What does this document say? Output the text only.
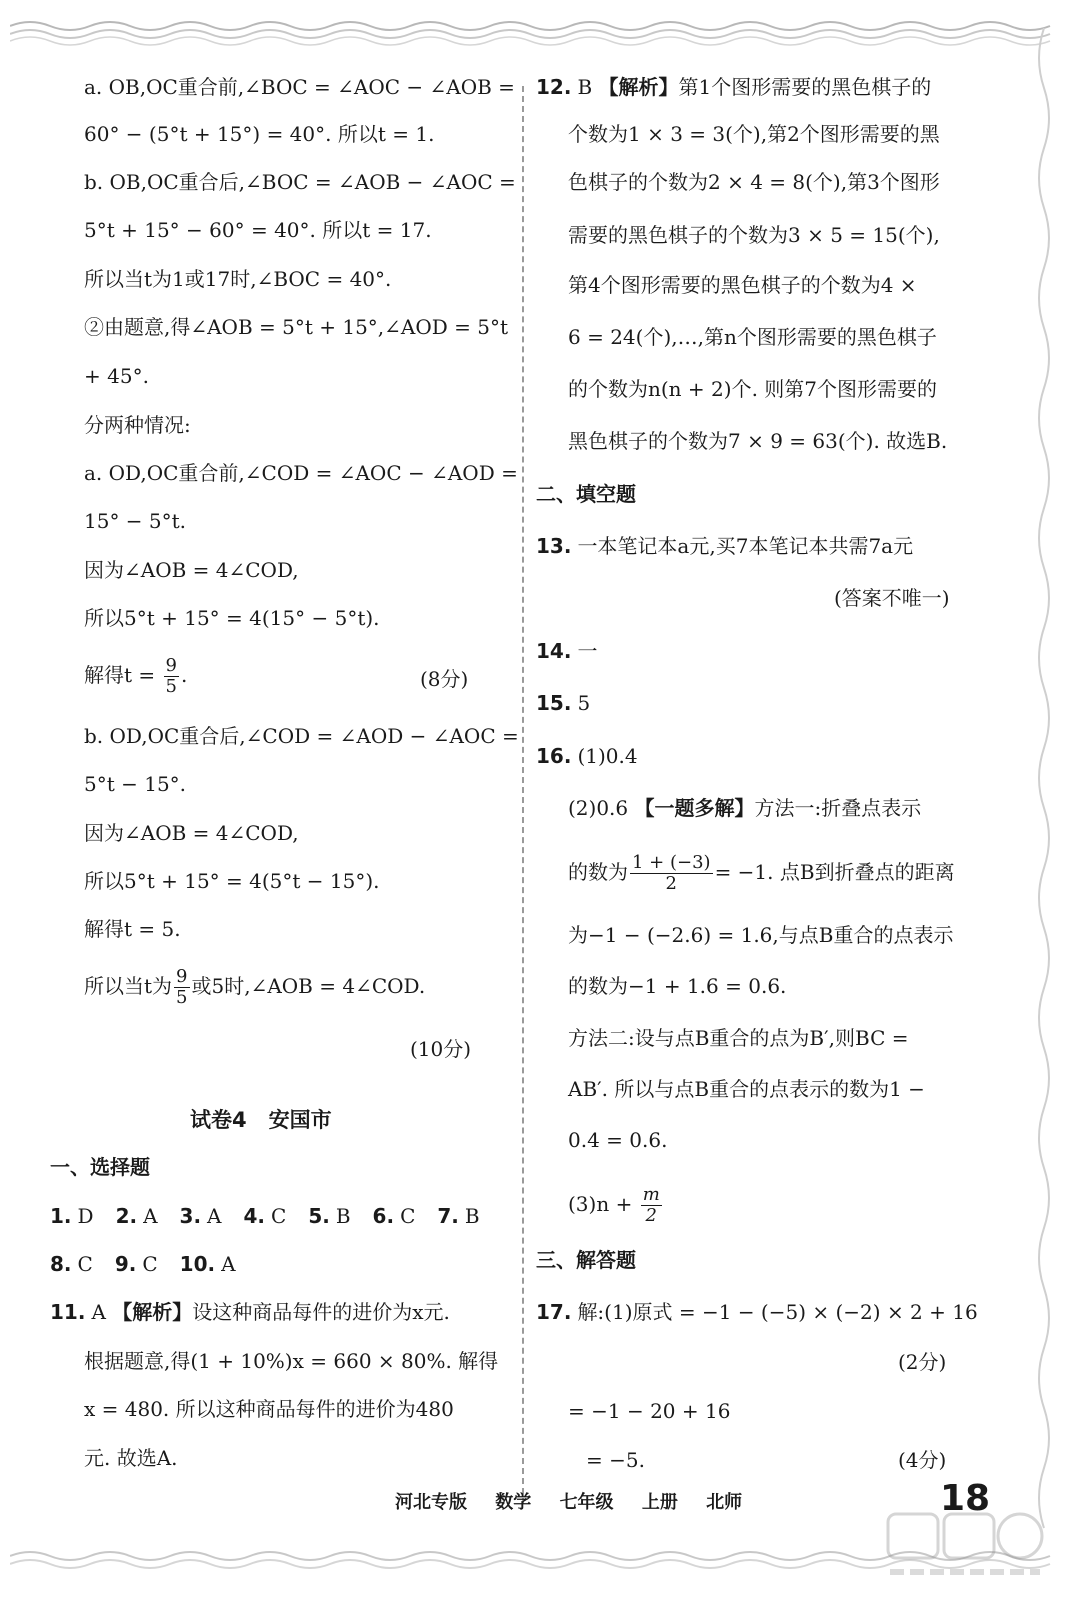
a. OB,OC重合前,∠BOC = ∠AOC − ∠AOB =
60° − (5°t + 15°) = 40°. 所以t = 1.
b. OB,OC重合后,∠BOC = ∠AOB − ∠AOC =
5°t + 15° − 60° = 40°. 所以t = 17.
所以当t为1或17时,∠BOC = 40°.
②由题意,得∠AOB = 5°t + 15°,∠AOD = 5°t
+ 45°.
分两种情况:
a. OD,OC重合前,∠COD = ∠AOC − ∠AOD =
15° − 5°t.
因为∠AOB = 4∠COD,
所以5°t + 15° = 4(15° − 5°t).
解得$t = \frac{9}{5}$ .	(8分)
b. OD,OC重合后,∠COD = ∠AOD − ∠AOC =
5°t − 15°.
因为∠AOB = 4∠COD,
所以5°t + 15° = 4(5°t − 15°).
解得t = 5.
所以当t为 $\frac{9}{5}$ 或5时,∠AOB = 4∠COD.
(10分)
试卷4 安国市
一、选择题
1. D 2. A 3. A 4. C 5. B 6. C 7. B
8. C 9. C 10. A
11. A 【解析】设这种商品每件的进价为x元.
根据题意,得(1 + 10%)x = 660 × 80%. 解得
x = 480. 所以这种商品每件的进价为480
元. 故选A.
12. B 【解析】第1个图形需要的黑色棋子的
个数为1 × 3 = 3(个),第2个图形需要的黑
色棋子的个数为2 × 4 = 8(个),第3个图形
需要的黑色棋子的个数为3 × 5 = 15(个),
第4个图形需要的黑色棋子的个数为4 ×
6 = 24(个),…,第n个图形需要的黑色棋子
的个数为n(n + 2)个. 则第7个图形需要的
黑色棋子的个数为7 × 9 = 63(个). 故选B.
二、填空题
13. 一本笔记本a元,买7本笔记本共需7a元
(答案不唯一)
14. 一
15. 5
16. (1)0.4
(2)0.6 【一题多解】方法一:折叠点表示
的数为 $\frac{1 + (-3)}{2} = -1$. 点B到折叠点的距离
为−1 − (−2.6) = 1.6,与点B重合的点表示
的数为−1 + 1.6 = 0.6.
方法二:设与点B重合的点为B′,则BC =
AB′. 所以与点B重合的点表示的数为1 −
0.4 = 0.6.
$(3)n + \frac{m}{2}$
三、解答题
17. 解:(1)原式 = −1 − (−5) × (−2) × 2 + 16
(2分)
= −1 − 20 + 16
= −5.	(4分)
河北专版 数学 七年级 上册 北师	18
